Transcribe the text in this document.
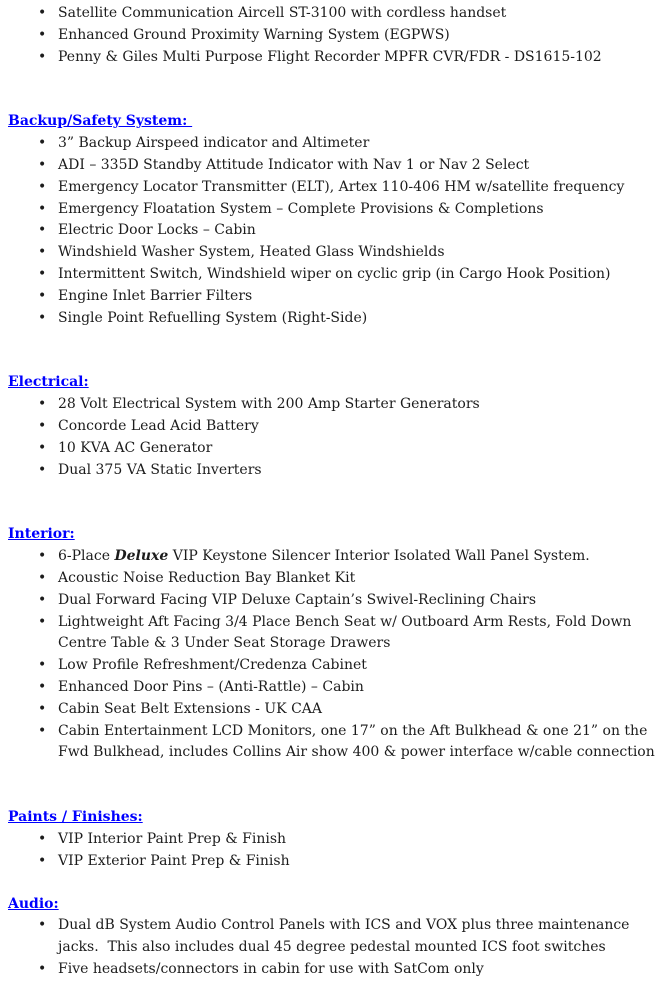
• Satellite Communication Aircell ST-3100 with cordless handset
• Enhanced Ground Proximity Warning System (EGPWS)
• Penny & Giles Multi Purpose Flight Recorder MPFR CVR/FDR - DS1615-102
Backup/Safety System:
• 3” Backup Airspeed indicator and Altimeter
• ADI – 335D Standby Attitude Indicator with Nav 1 or Nav 2 Select
• Emergency Locator Transmitter (ELT), Artex 110-406 HM w/satellite frequency
• Emergency Floatation System – Complete Provisions & Completions
• Electric Door Locks – Cabin
• Windshield Washer System, Heated Glass Windshields
• Intermittent Switch, Windshield wiper on cyclic grip (in Cargo Hook Position)
• Engine Inlet Barrier Filters
• Single Point Refuelling System (Right-Side)
Electrical:
• 28 Volt Electrical System with 200 Amp Starter Generators
• Concorde Lead Acid Battery
• 10 KVA AC Generator
• Dual 375 VA Static Inverters
Interior:
• 6-Place Deluxe VIP Keystone Silencer Interior Isolated Wall Panel System.
• Acoustic Noise Reduction Bay Blanket Kit
• Dual Forward Facing VIP Deluxe Captain’s Swivel-Reclining Chairs
• Lightweight Aft Facing 3/4 Place Bench Seat w/ Outboard Arm Rests, Fold Down Centre Table & 3 Under Seat Storage Drawers
• Low Profile Refreshment/Credenza Cabinet
• Enhanced Door Pins – (Anti-Rattle) – Cabin
• Cabin Seat Belt Extensions - UK CAA
• Cabin Entertainment LCD Monitors, one 17” on the Aft Bulkhead & one 21” on the Fwd Bulkhead, includes Collins Air show 400 & power interface w/cable connection
Paints / Finishes:
• VIP Interior Paint Prep & Finish
• VIP Exterior Paint Prep & Finish
Audio:
• Dual dB System Audio Control Panels with ICS and VOX plus three maintenance jacks.  This also includes dual 45 degree pedestal mounted ICS foot switches
• Five headsets/connectors in cabin for use with SatCom only
